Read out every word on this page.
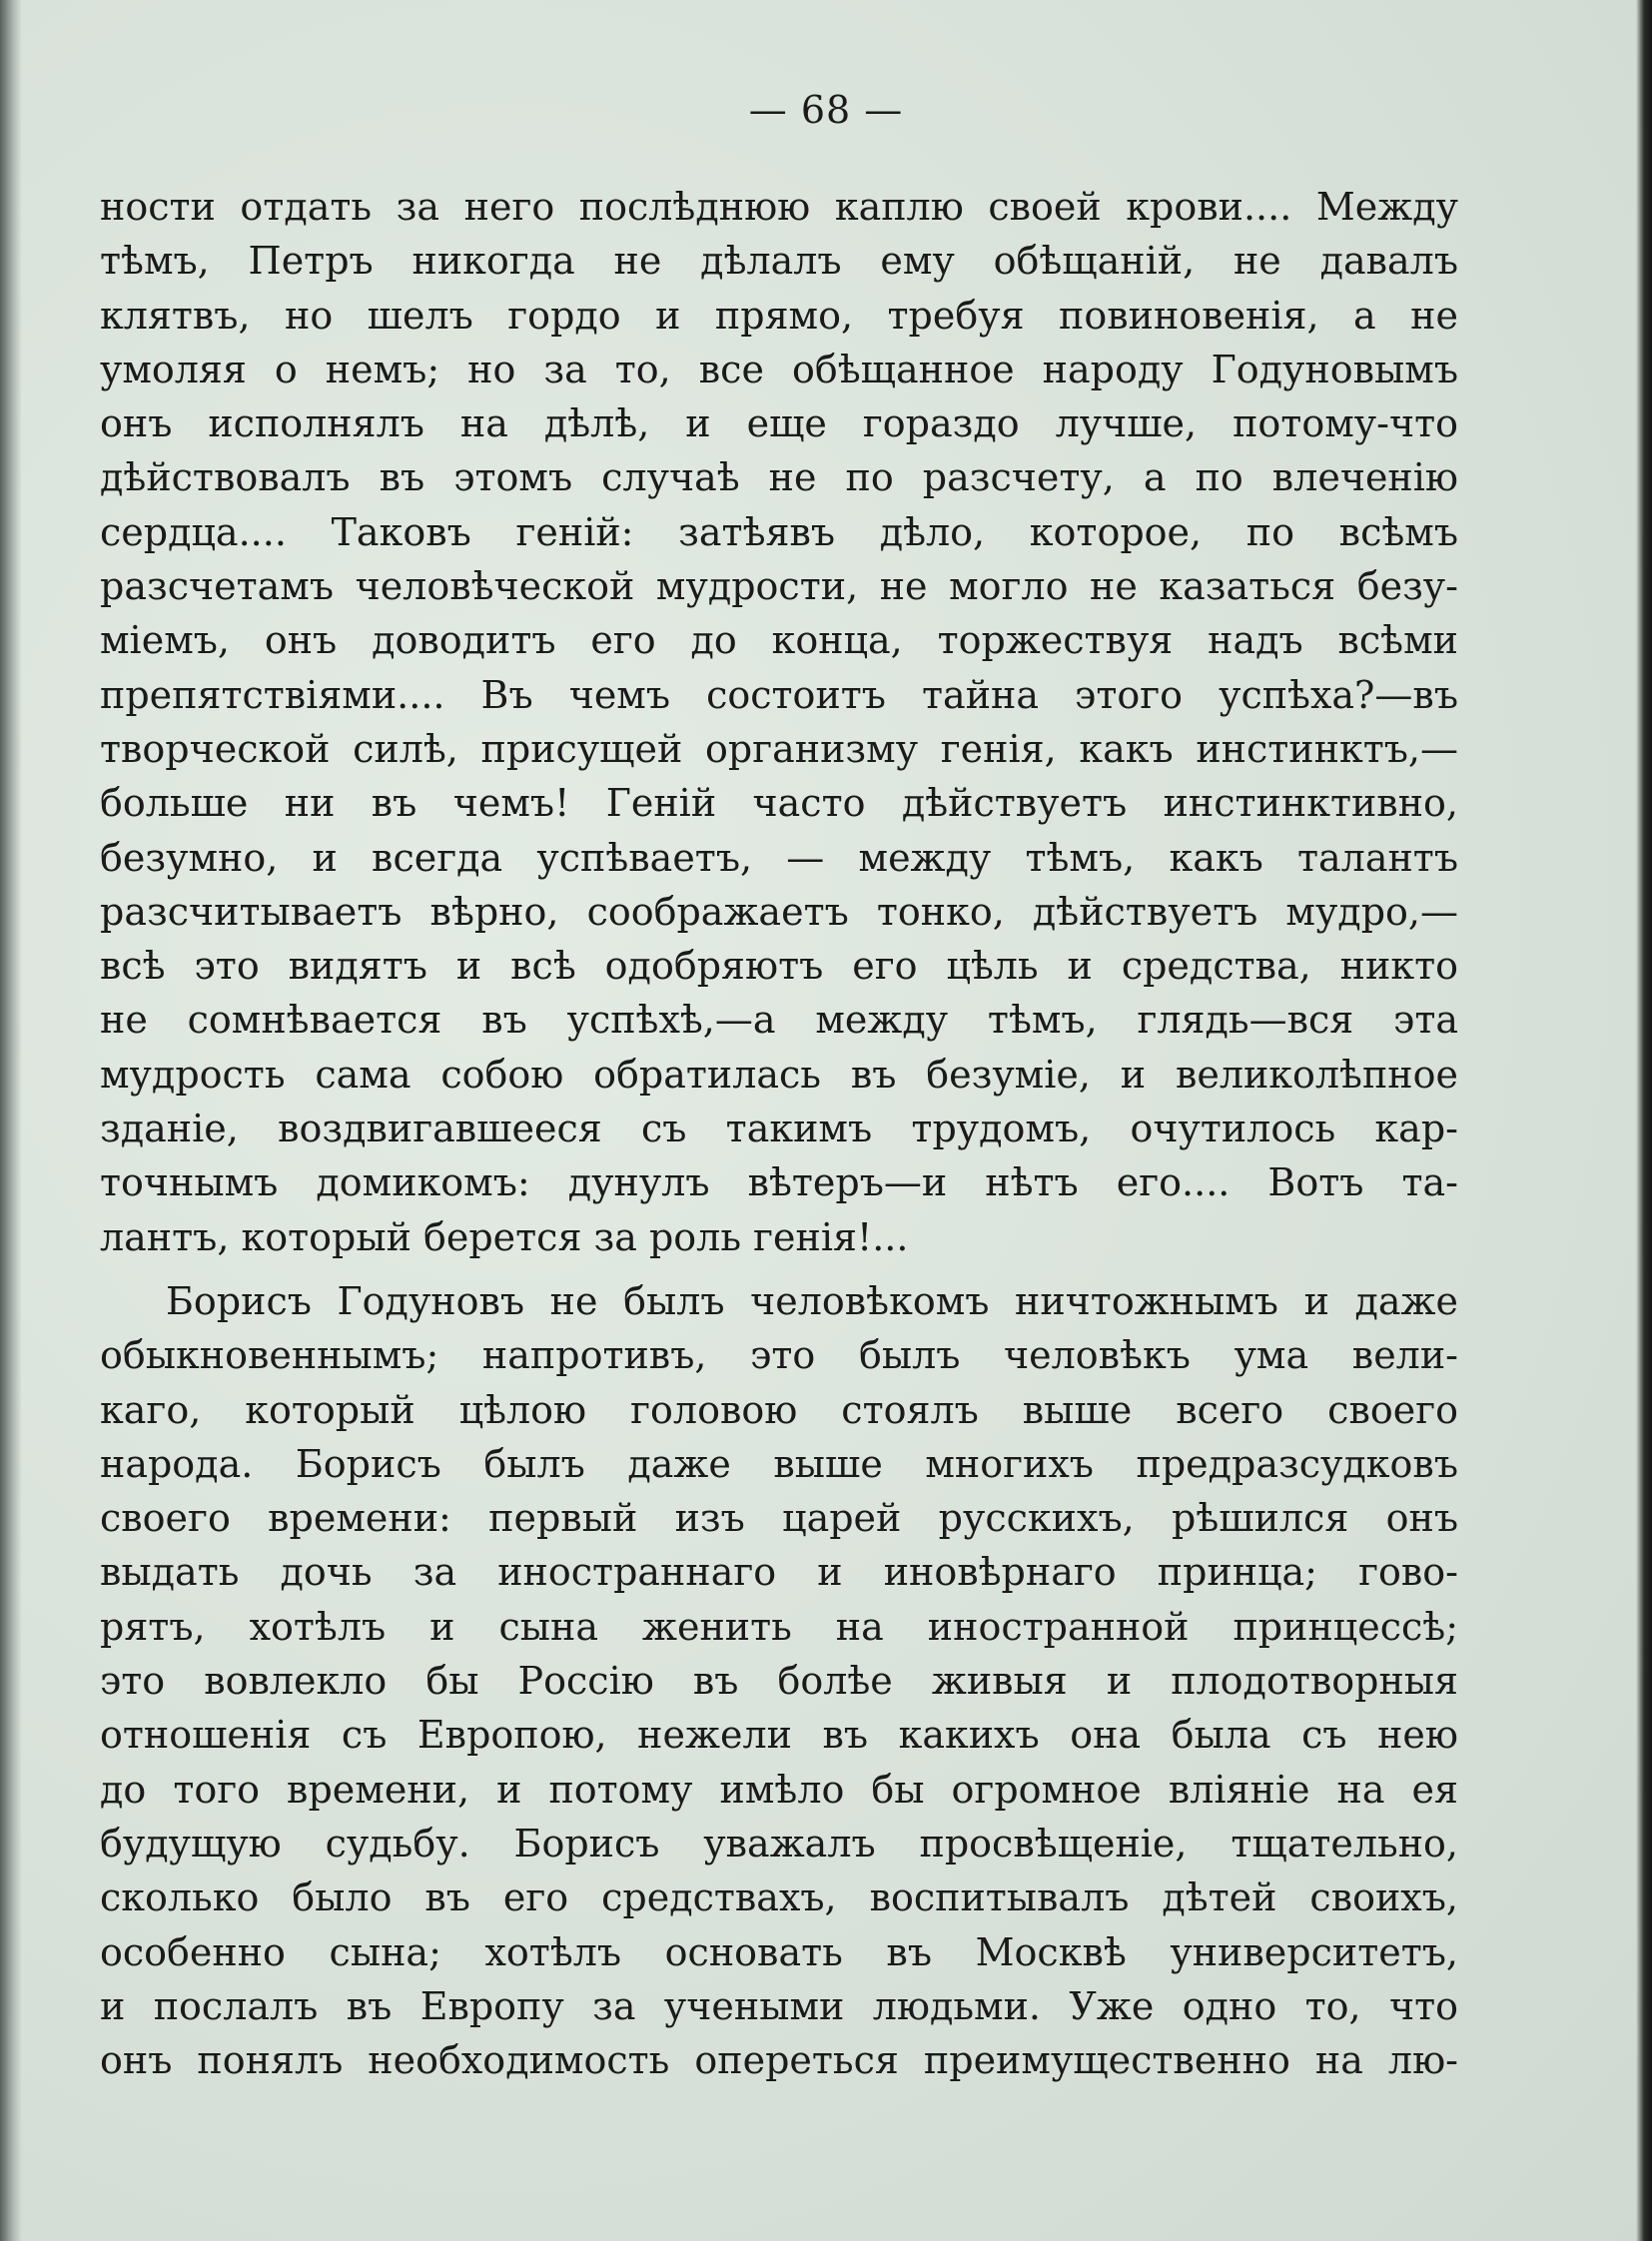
— 68 —
ности отдать за него послѣднюю каплю своей крови.... Между
тѣмъ, Петръ никогда не дѣлалъ ему обѣщаній, не давалъ
клятвъ, но шелъ гордо и прямо, требуя повиновенія, а не
умоляя о немъ; но за то, все обѣщанное народу Годуновымъ
онъ исполнялъ на дѣлѣ, и еще гораздо лучше, потому-что
дѣйствовалъ въ этомъ случаѣ не по разсчету, а по влеченію
сердца.... Таковъ геній: затѣявъ дѣло, которое, по всѣмъ
разсчетамъ человѣческой мудрости, не могло не казаться безу-
міемъ, онъ доводитъ его до конца, торжествуя надъ всѣми
препятствіями.... Въ чемъ состоитъ тайна этого успѣха?—въ
творческой силѣ, присущей организму генія, какъ инстинктъ,—
больше ни въ чемъ! Геній часто дѣйствуетъ инстинктивно,
безумно, и всегда успѣваетъ, — между тѣмъ, какъ талантъ
разсчитываетъ вѣрно, соображаетъ тонко, дѣйствуетъ мудро,—
всѣ это видятъ и всѣ одобряютъ его цѣль и средства, никто
не сомнѣвается въ успѣхѣ,—а между тѣмъ, глядь—вся эта
мудрость сама собою обратилась въ безуміе, и великолѣпное
зданіе, воздвигавшееся съ такимъ трудомъ, очутилось кар-
точнымъ домикомъ: дунулъ вѣтеръ—и нѣтъ его.... Вотъ та-
лантъ, который берется за роль генія!...
Борисъ Годуновъ не былъ человѣкомъ ничтожнымъ и даже
обыкновеннымъ; напротивъ, это былъ человѣкъ ума вели-
каго, который цѣлою головою стоялъ выше всего своего
народа. Борисъ былъ даже выше многихъ предразсудковъ
своего времени: первый изъ царей русскихъ, рѣшился онъ
выдать дочь за иностраннаго и иновѣрнаго принца; гово-
рятъ, хотѣлъ и сына женить на иностранной принцессѣ;
это вовлекло бы Россію въ болѣе живыя и плодотворныя
отношенія съ Европою, нежели въ какихъ она была съ нею
до того времени, и потому имѣло бы огромное вліяніе на ея
будущую судьбу. Борисъ уважалъ просвѣщеніе, тщательно,
сколько было въ его средствахъ, воспитывалъ дѣтей своихъ,
особенно сына; хотѣлъ основать въ Москвѣ университетъ,
и послалъ въ Европу за учеными людьми. Уже одно то, что
онъ понялъ необходимость опереться преимущественно на лю-
